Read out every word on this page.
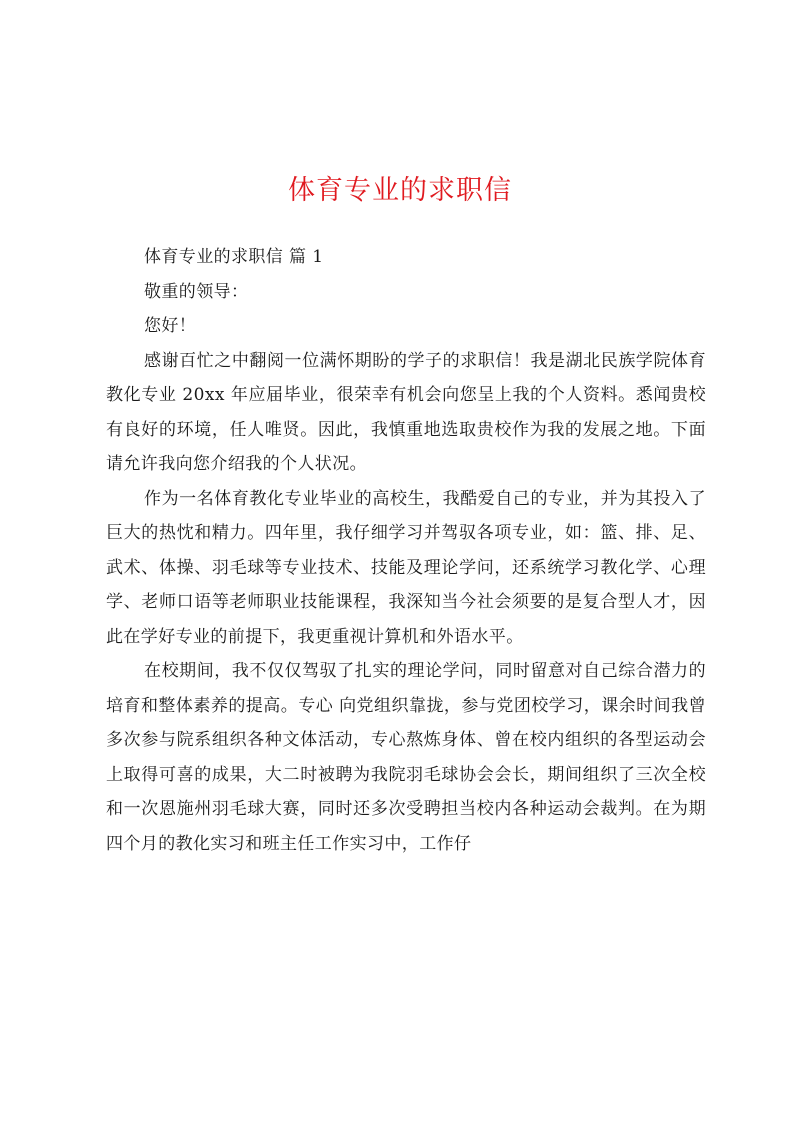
体育专业的求职信

体育专业的求职信 篇 1

敬重的领导：

您好！

感谢百忙之中翻阅一位满怀期盼的学子的求职信！我是湖北民族学院体育教化专业 20xx 年应届毕业，很荣幸有机会向您呈上我的个人资料。悉闻贵校有良好的环境，任人唯贤。因此，我慎重地选取贵校作为我的发展之地。下面请允许我向您介绍我的个人状况。

作为一名体育教化专业毕业的高校生，我酷爱自己的专业，并为其投入了巨大的热忱和精力。四年里，我仔细学习并驾驭各项专业，如：篮、排、足、武术、体操、羽毛球等专业技术、技能及理论学问，还系统学习教化学、心理学、老师口语等老师职业技能课程，我深知当今社会须要的是复合型人才，因此在学好专业的前提下，我更重视计算机和外语水平。

在校期间，我不仅仅驾驭了扎实的理论学问，同时留意对自己综合潜力的培育和整体素养的提高。专心 向党组织靠拢，参与党团校学习，课余时间我曾多次参与院系组织各种文体活动，专心熬炼身体、曾在校内组织的各型运动会上取得可喜的成果，大二时被聘为我院羽毛球协会会长，期间组织了三次全校和一次恩施州羽毛球大赛，同时还多次受聘担当校内各种运动会裁判。在为期四个月的教化实习和班主任工作实习中，工作仔
